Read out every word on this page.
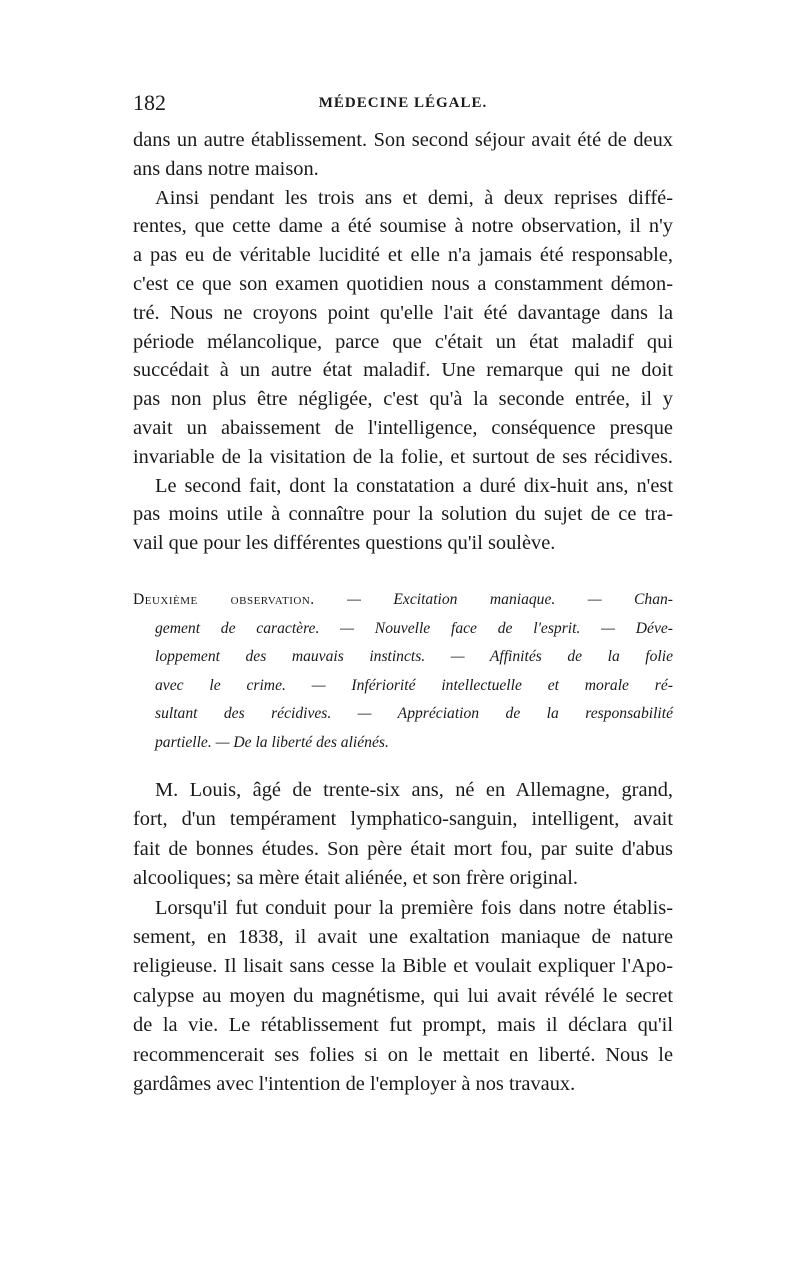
182	MÉDECINE LÉGALE.
dans un autre établissement. Son second séjour avait été de deux
ans dans notre maison.
Ainsi pendant les trois ans et demi, à deux reprises diffé-
rentes, que cette dame a été soumise à notre observation, il n'y
a pas eu de véritable lucidité et elle n'a jamais été responsable,
c'est ce que son examen quotidien nous a constamment démon-
tré. Nous ne croyons point qu'elle l'ait été davantage dans la
période mélancolique, parce que c'était un état maladif qui
succédait à un autre état maladif. Une remarque qui ne doit
pas non plus être négligée, c'est qu'à la seconde entrée, il y
avait un abaissement de l'intelligence, conséquence presque
invariable de la visitation de la folie, et surtout de ses récidives.
Le second fait, dont la constatation a duré dix-huit ans, n'est
pas moins utile à connaître pour la solution du sujet de ce tra-
vail que pour les différentes questions qu'il soulève.
Deuxième observation. — Excitation maniaque. — Chan-
gement de caractère. — Nouvelle face de l'esprit. — Déve-
loppement des mauvais instincts. — Affinités de la folie
avec le crime. — Infériorité intellectuelle et morale ré-
sultant des récidives. — Appréciation de la responsabilité
partielle. — De la liberté des aliénés.
M. Louis, âgé de trente-six ans, né en Allemagne, grand,
fort, d'un tempérament lymphatico-sanguin, intelligent, avait
fait de bonnes études. Son père était mort fou, par suite d'abus
alcooliques; sa mère était aliénée, et son frère original.
Lorsqu'il fut conduit pour la première fois dans notre établis-
sement, en 1838, il avait une exaltation maniaque de nature
religieuse. Il lisait sans cesse la Bible et voulait expliquer l'Apo-
calypse au moyen du magnétisme, qui lui avait révélé le secret
de la vie. Le rétablissement fut prompt, mais il déclara qu'il
recommencerait ses folies si on le mettait en liberté. Nous le
gardâmes avec l'intention de l'employer à nos travaux.
